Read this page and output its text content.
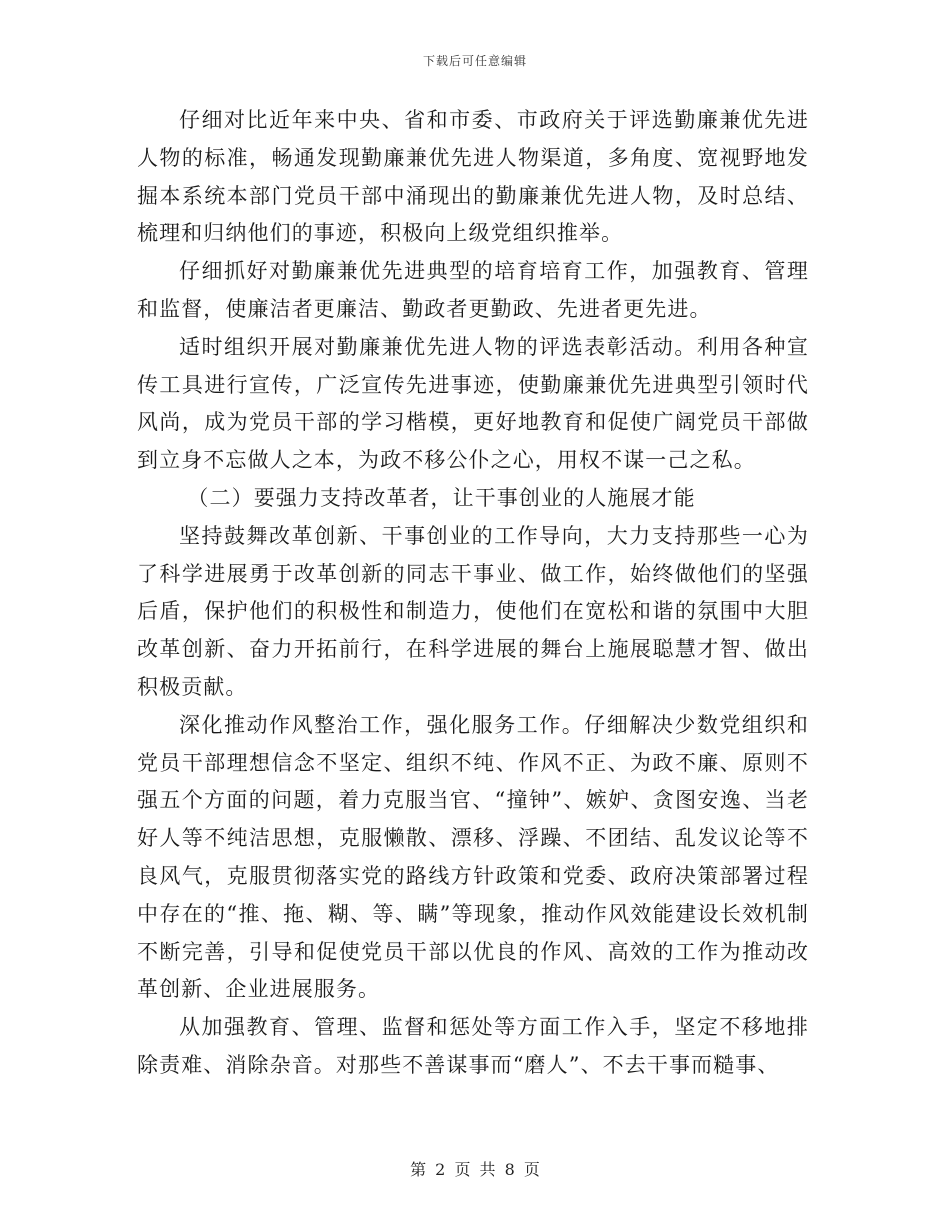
下载后可任意编辑

仔细对比近年来中央、省和市委、市政府关于评选勤廉兼优先进人物的标准，畅通发现勤廉兼优先进人物渠道，多角度、宽视野地发掘本系统本部门党员干部中涌现出的勤廉兼优先进人物，及时总结、梳理和归纳他们的事迹，积极向上级党组织推举。

仔细抓好对勤廉兼优先进典型的培育培育工作，加强教育、管理和监督，使廉洁者更廉洁、勤政者更勤政、先进者更先进。

适时组织开展对勤廉兼优先进人物的评选表彰活动。利用各种宣传工具进行宣传，广泛宣传先进事迹，使勤廉兼优先进典型引领时代风尚，成为党员干部的学习楷模，更好地教育和促使广阔党员干部做到立身不忘做人之本，为政不移公仆之心，用权不谋一己之私。

（二）要强力支持改革者，让干事创业的人施展才能

坚持鼓舞改革创新、干事创业的工作导向，大力支持那些一心为了科学进展勇于改革创新的同志干事业、做工作，始终做他们的坚强后盾，保护他们的积极性和制造力，使他们在宽松和谐的氛围中大胆改革创新、奋力开拓前行，在科学进展的舞台上施展聪慧才智、做出积极贡献。

深化推动作风整治工作，强化服务工作。仔细解决少数党组织和党员干部理想信念不坚定、组织不纯、作风不正、为政不廉、原则不强五个方面的问题，着力克服当官、“撞钟”、嫉妒、贪图安逸、当老好人等不纯洁思想，克服懒散、漂移、浮躁、不团结、乱发议论等不良风气，克服贯彻落实党的路线方针政策和党委、政府决策部署过程中存在的“推、拖、糊、等、瞒”等现象，推动作风效能建设长效机制不断完善，引导和促使党员干部以优良的作风、高效的工作为推动改革创新、企业进展服务。

从加强教育、管理、监督和惩处等方面工作入手，坚定不移地排除责难、消除杂音。对那些不善谋事而“磨人”、不去干事而糙事、

第 2 页 共 8 页
